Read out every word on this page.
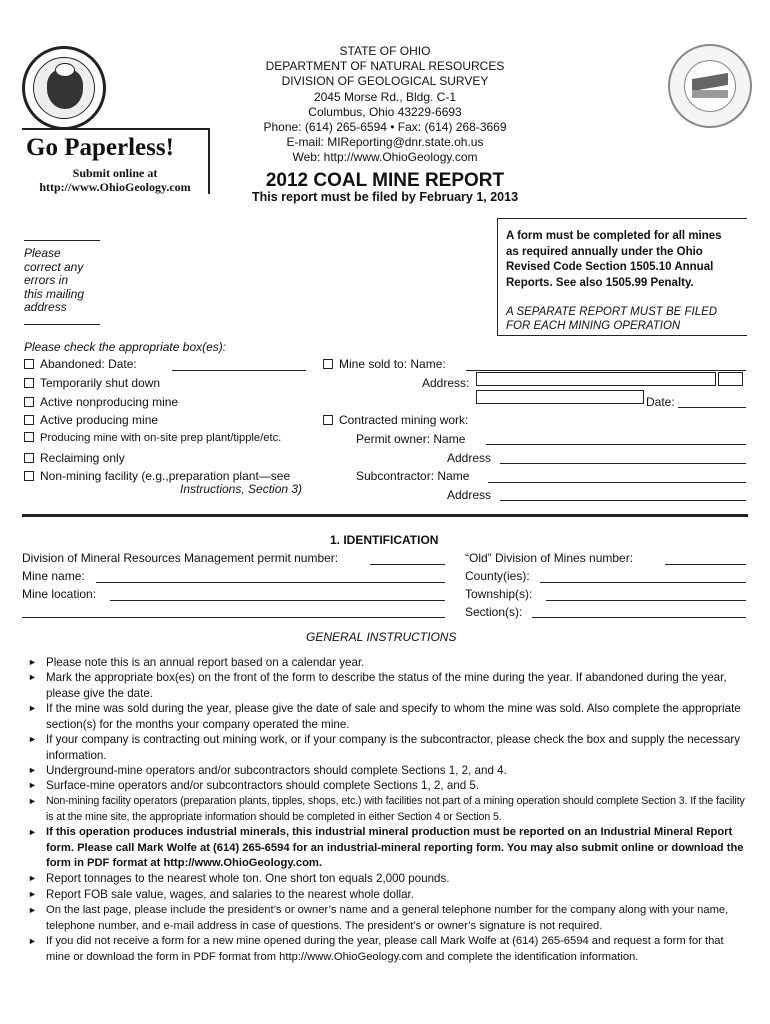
Go Paperless!
Submit online at
http://www.OhioGeology.com
STATE OF OHIO
DEPARTMENT OF NATURAL RESOURCES
DIVISION OF GEOLOGICAL SURVEY
2045 Morse Rd., Bldg. C-1
Columbus, Ohio 43229-6693
Phone: (614) 265-6594 • Fax: (614) 268-3669
E-mail: MIReporting@dnr.state.oh.us
Web: http://www.OhioGeology.com
2012 COAL MINE REPORT
This report must be filed by February 1, 2013
Please
correct any
errors in
this mailing
address
A form must be completed for all mines
as required annually under the Ohio
Revised Code Section 1505.10 Annual
Reports. See also 1505.99 Penalty.
A SEPARATE REPORT MUST BE FILED
FOR EACH MINING OPERATION
Please check the appropriate box(es):
Abandoned: Date:
Temporarily shut down
Active nonproducing mine
Active producing mine
Producing mine with on-site prep plant/tipple/etc.
Reclaiming only
Non-mining facility (e.g.,preparation plant—see
Instructions, Section 3)
Mine sold to: Name:
Address:
Date:
Contracted mining work:
Permit owner: Name
Address
Subcontractor: Name
Address
1. IDENTIFICATION
Division of Mineral Resources Management permit number:
Mine name:
Mine location:
“Old” Division of Mines number:
County(ies):
Township(s):
Section(s):
GENERAL INSTRUCTIONS
► Please note this is an annual report based on a calendar year.
► Mark the appropriate box(es) on the front of the form to describe the status of the mine during the year. If abandoned during the year, please give the date.
► If the mine was sold during the year, please give the date of sale and specify to whom the mine was sold. Also complete the appropriate section(s) for the months your company operated the mine.
► If your company is contracting out mining work, or if your company is the subcontractor, please check the box and supply the necessary information.
► Underground-mine operators and/or subcontractors should complete Sections 1, 2, and 4.
► Surface-mine operators and/or subcontractors should complete Sections 1, 2, and 5.
► Non-mining facility operators (preparation plants, tipples, shops, etc.) with facilities not part of a mining operation should complete Section 3. If the facility is at the mine site, the appropriate information should be completed in either Section 4 or Section 5.
► If this operation produces industrial minerals, this industrial mineral production must be reported on an Industrial Mineral Report form. Please call Mark Wolfe at (614) 265-6594 for an industrial-mineral reporting form. You may also submit online or download the form in PDF format at http://www.OhioGeology.com.
► Report tonnages to the nearest whole ton. One short ton equals 2,000 pounds.
► Report FOB sale value, wages, and salaries to the nearest whole dollar.
► On the last page, please include the president’s or owner’s name and a general telephone number for the company along with your name, telephone number, and e-mail address in case of questions. The president’s or owner’s signature is not required.
► If you did not receive a form for a new mine opened during the year, please call Mark Wolfe at (614) 265-6594 and request a form for that mine or download the form in PDF format from http://www.OhioGeology.com and complete the identification information.
